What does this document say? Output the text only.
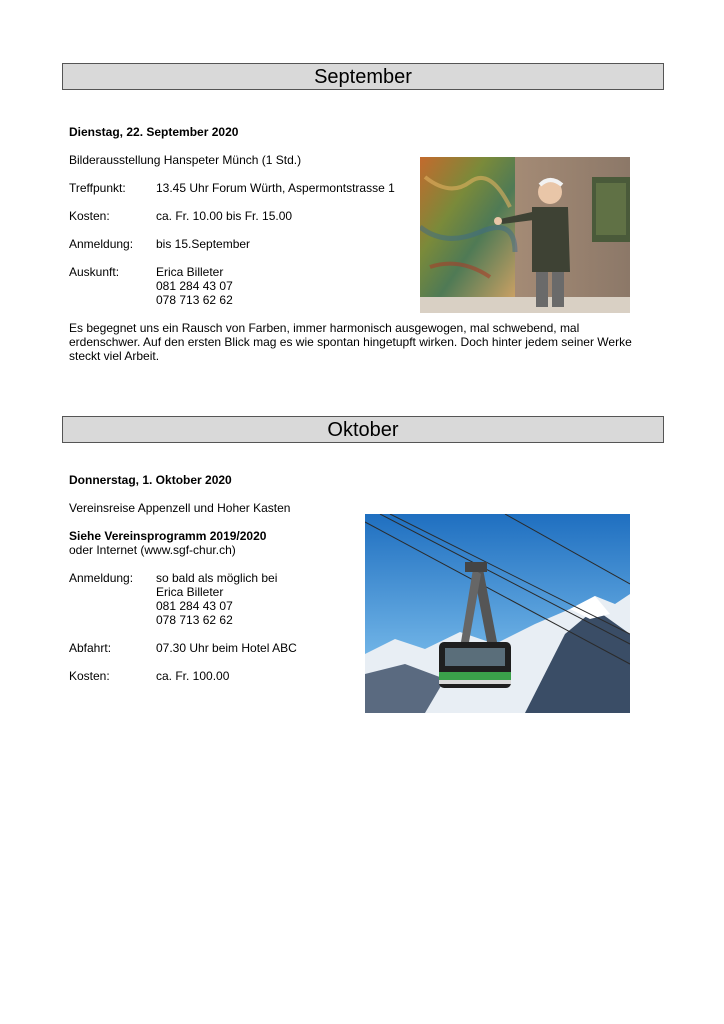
September
Dienstag, 22. September 2020
Bilderausstellung Hanspeter Münch (1 Std.)
Treffpunkt:	13.45 Uhr Forum Würth, Aspermontstrasse 1
Kosten:	ca. Fr. 10.00 bis Fr. 15.00
Anmeldung: bis 15.September
Auskunft:	Erica Billeter
081 284 43 07
078 713 62 62
Es begegnet uns ein Rausch von Farben, immer harmonisch ausgewogen, mal schwebend, mal
erdenschwer. Auf den ersten Blick mag es wie spontan hingetupft wirken. Doch hinter jedem seiner Werke
steckt viel Arbeit.
Oktober
Donnerstag, 1. Oktober 2020
Vereinsreise Appenzell und Hoher Kasten
Siehe Vereinsprogramm 2019/2020
oder Internet (www.sgf-chur.ch)
Anmeldung: so bald als möglich bei
Erica Billeter
081 284 43 07
078 713 62 62
Abfahrt:	07.30 Uhr beim Hotel ABC
Kosten:	ca. Fr. 100.00
